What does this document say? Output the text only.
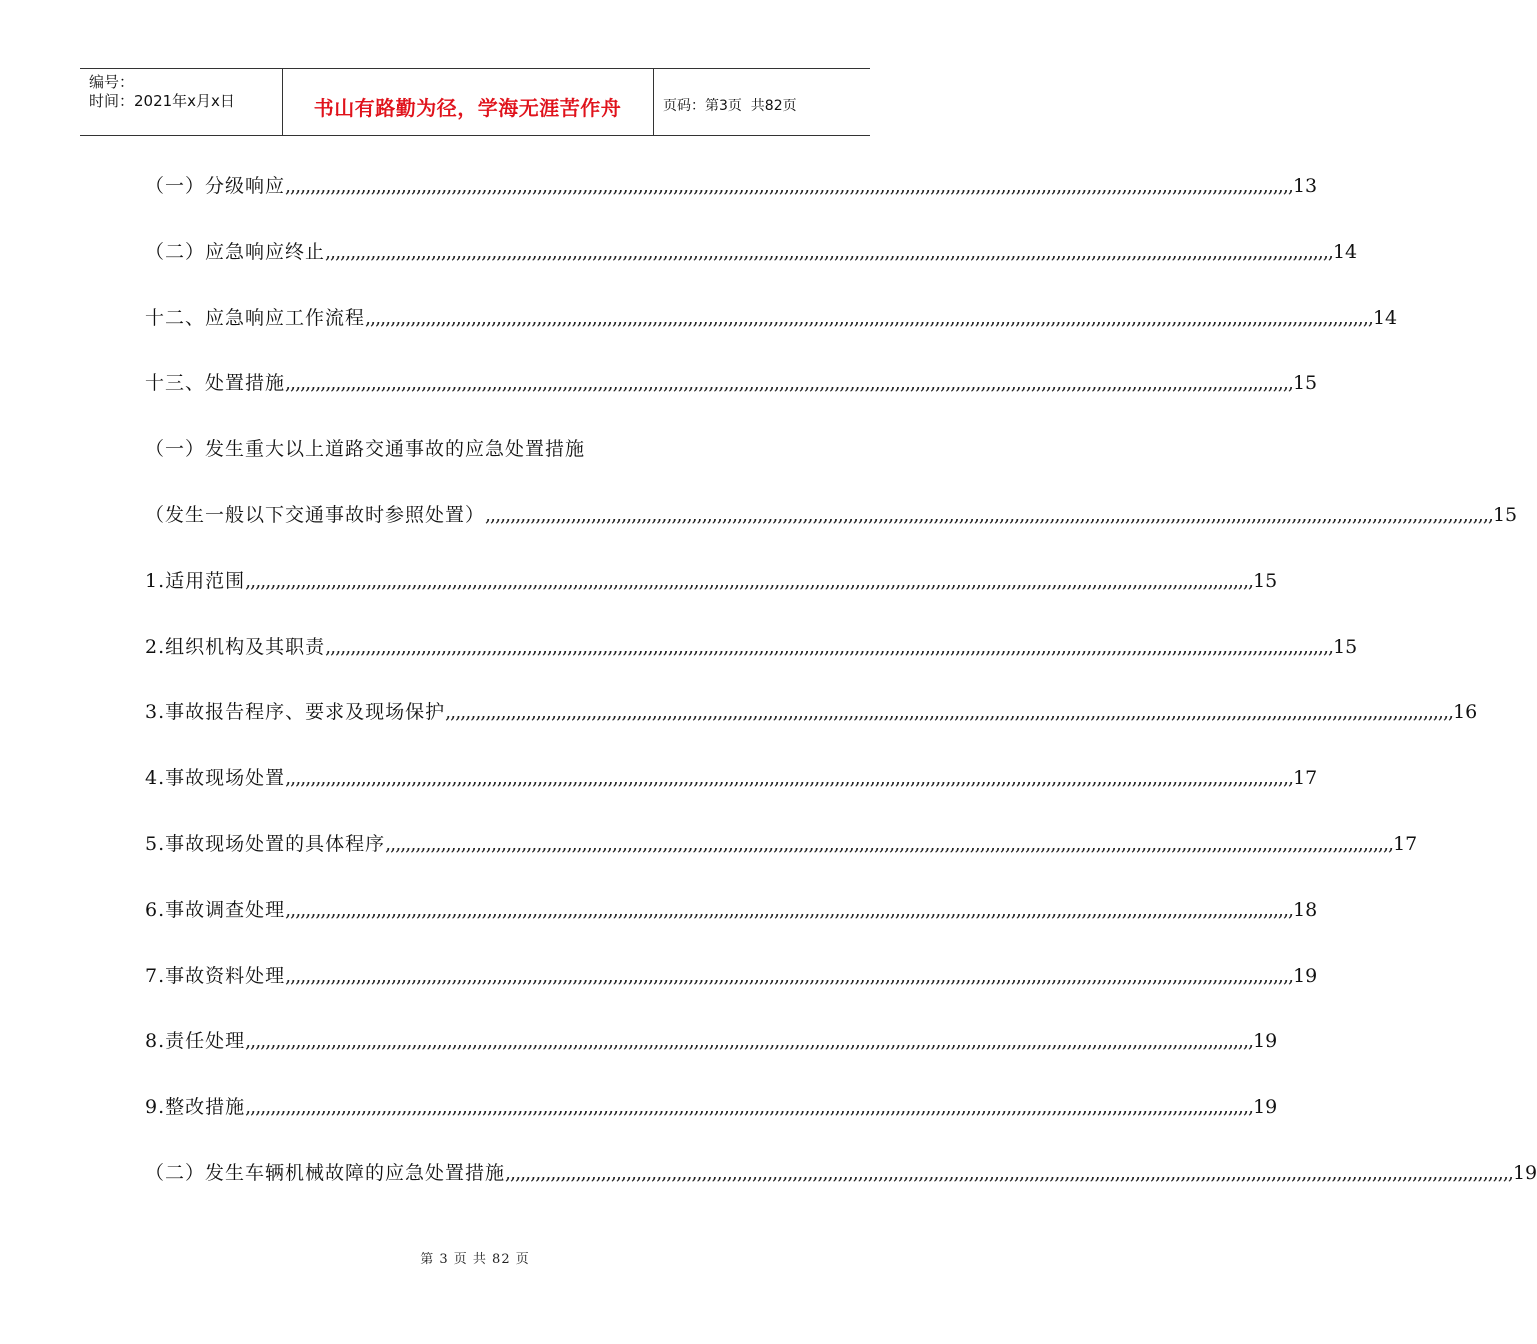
编号：
时间：2021年x月x日	书山有路勤为径，学海无涯苦作舟	页码：第3页  共82页
（一）分级响应 ,,,,,,,,,,,,,,,,,,,,,,,,,,,,,,,,,,,,,,,,,,,,,,,,,,,,,,,,,,,,,,,,,,,,,,,,,,,,,,,,,,,,,,,,,,,,,,,,,,,,,,,,,,,,,,,,,,,,,,,,,,,,,,,,,,,,,,,,,,,,,,,,,,,,,,,,,,,,,,,,,,,,,,,,,,,,,,,,,,,,,,,,,,,,,,,,,,,,,,,, 13
（二）应急响应终止 ,,,,,,,,,,,,,,,,,,,,,,,,,,,,,,,,,,,,,,,,,,,,,,,,,,,,,,,,,,,,,,,,,,,,,,,,,,,,,,,,,,,,,,,,,,,,,,,,,,,,,,,,,,,,,,,,,,,,,,,,,,,,,,,,,,,,,,,,,,,,,,,,,,,,,,,,,,,,,,,,,,,,,,,,,,,,,,,,,,,,,,,,,,,,,,,,,,,,,,,, 14
十二、应急响应工作流程 ,,,,,,,,,,,,,,,,,,,,,,,,,,,,,,,,,,,,,,,,,,,,,,,,,,,,,,,,,,,,,,,,,,,,,,,,,,,,,,,,,,,,,,,,,,,,,,,,,,,,,,,,,,,,,,,,,,,,,,,,,,,,,,,,,,,,,,,,,,,,,,,,,,,,,,,,,,,,,,,,,,,,,,,,,,,,,,,,,,,,,,,,,,,,,,,,,,,,,,,, 14
十三、处置措施 ,,,,,,,,,,,,,,,,,,,,,,,,,,,,,,,,,,,,,,,,,,,,,,,,,,,,,,,,,,,,,,,,,,,,,,,,,,,,,,,,,,,,,,,,,,,,,,,,,,,,,,,,,,,,,,,,,,,,,,,,,,,,,,,,,,,,,,,,,,,,,,,,,,,,,,,,,,,,,,,,,,,,,,,,,,,,,,,,,,,,,,,,,,,,,,,,,,,,,,,, 15
（一）发生重大以上道路交通事故的应急处置措施
（发生一般以下交通事故时参照处置） ,,,,,,,,,,,,,,,,,,,,,,,,,,,,,,,,,,,,,,,,,,,,,,,,,,,,,,,,,,,,,,,,,,,,,,,,,,,,,,,,,,,,,,,,,,,,,,,,,,,,,,,,,,,,,,,,,,,,,,,,,,,,,,,,,,,,,,,,,,,,,,,,,,,,,,,,,,,,,,,,,,,,,,,,,,,,,,,,,,,,,,,,,,,,,,,,,,,,,,,, 15
1.适用范围 ,,,,,,,,,,,,,,,,,,,,,,,,,,,,,,,,,,,,,,,,,,,,,,,,,,,,,,,,,,,,,,,,,,,,,,,,,,,,,,,,,,,,,,,,,,,,,,,,,,,,,,,,,,,,,,,,,,,,,,,,,,,,,,,,,,,,,,,,,,,,,,,,,,,,,,,,,,,,,,,,,,,,,,,,,,,,,,,,,,,,,,,,,,,,,,,,,,,,,,,, 15
2.组织机构及其职责 ,,,,,,,,,,,,,,,,,,,,,,,,,,,,,,,,,,,,,,,,,,,,,,,,,,,,,,,,,,,,,,,,,,,,,,,,,,,,,,,,,,,,,,,,,,,,,,,,,,,,,,,,,,,,,,,,,,,,,,,,,,,,,,,,,,,,,,,,,,,,,,,,,,,,,,,,,,,,,,,,,,,,,,,,,,,,,,,,,,,,,,,,,,,,,,,,,,,,,,,, 15
3.事故报告程序、要求及现场保护 ,,,,,,,,,,,,,,,,,,,,,,,,,,,,,,,,,,,,,,,,,,,,,,,,,,,,,,,,,,,,,,,,,,,,,,,,,,,,,,,,,,,,,,,,,,,,,,,,,,,,,,,,,,,,,,,,,,,,,,,,,,,,,,,,,,,,,,,,,,,,,,,,,,,,,,,,,,,,,,,,,,,,,,,,,,,,,,,,,,,,,,,,,,,,,,,,,,,,,,,, 16
4.事故现场处置 ,,,,,,,,,,,,,,,,,,,,,,,,,,,,,,,,,,,,,,,,,,,,,,,,,,,,,,,,,,,,,,,,,,,,,,,,,,,,,,,,,,,,,,,,,,,,,,,,,,,,,,,,,,,,,,,,,,,,,,,,,,,,,,,,,,,,,,,,,,,,,,,,,,,,,,,,,,,,,,,,,,,,,,,,,,,,,,,,,,,,,,,,,,,,,,,,,,,,,,,, 17
5.事故现场处置的具体程序 ,,,,,,,,,,,,,,,,,,,,,,,,,,,,,,,,,,,,,,,,,,,,,,,,,,,,,,,,,,,,,,,,,,,,,,,,,,,,,,,,,,,,,,,,,,,,,,,,,,,,,,,,,,,,,,,,,,,,,,,,,,,,,,,,,,,,,,,,,,,,,,,,,,,,,,,,,,,,,,,,,,,,,,,,,,,,,,,,,,,,,,,,,,,,,,,,,,,,,,,, 17
6.事故调查处理 ,,,,,,,,,,,,,,,,,,,,,,,,,,,,,,,,,,,,,,,,,,,,,,,,,,,,,,,,,,,,,,,,,,,,,,,,,,,,,,,,,,,,,,,,,,,,,,,,,,,,,,,,,,,,,,,,,,,,,,,,,,,,,,,,,,,,,,,,,,,,,,,,,,,,,,,,,,,,,,,,,,,,,,,,,,,,,,,,,,,,,,,,,,,,,,,,,,,,,,,, 18
7.事故资料处理 ,,,,,,,,,,,,,,,,,,,,,,,,,,,,,,,,,,,,,,,,,,,,,,,,,,,,,,,,,,,,,,,,,,,,,,,,,,,,,,,,,,,,,,,,,,,,,,,,,,,,,,,,,,,,,,,,,,,,,,,,,,,,,,,,,,,,,,,,,,,,,,,,,,,,,,,,,,,,,,,,,,,,,,,,,,,,,,,,,,,,,,,,,,,,,,,,,,,,,,,, 19
8.责任处理 ,,,,,,,,,,,,,,,,,,,,,,,,,,,,,,,,,,,,,,,,,,,,,,,,,,,,,,,,,,,,,,,,,,,,,,,,,,,,,,,,,,,,,,,,,,,,,,,,,,,,,,,,,,,,,,,,,,,,,,,,,,,,,,,,,,,,,,,,,,,,,,,,,,,,,,,,,,,,,,,,,,,,,,,,,,,,,,,,,,,,,,,,,,,,,,,,,,,,,,,, 19
9.整改措施 ,,,,,,,,,,,,,,,,,,,,,,,,,,,,,,,,,,,,,,,,,,,,,,,,,,,,,,,,,,,,,,,,,,,,,,,,,,,,,,,,,,,,,,,,,,,,,,,,,,,,,,,,,,,,,,,,,,,,,,,,,,,,,,,,,,,,,,,,,,,,,,,,,,,,,,,,,,,,,,,,,,,,,,,,,,,,,,,,,,,,,,,,,,,,,,,,,,,,,,,, 19
（二）发生车辆机械故障的应急处置措施 ,,,,,,,,,,,,,,,,,,,,,,,,,,,,,,,,,,,,,,,,,,,,,,,,,,,,,,,,,,,,,,,,,,,,,,,,,,,,,,,,,,,,,,,,,,,,,,,,,,,,,,,,,,,,,,,,,,,,,,,,,,,,,,,,,,,,,,,,,,,,,,,,,,,,,,,,,,,,,,,,,,,,,,,,,,,,,,,,,,,,,,,,,,,,,,,,,,,,,,,, 19
第 3 页 共 82 页
